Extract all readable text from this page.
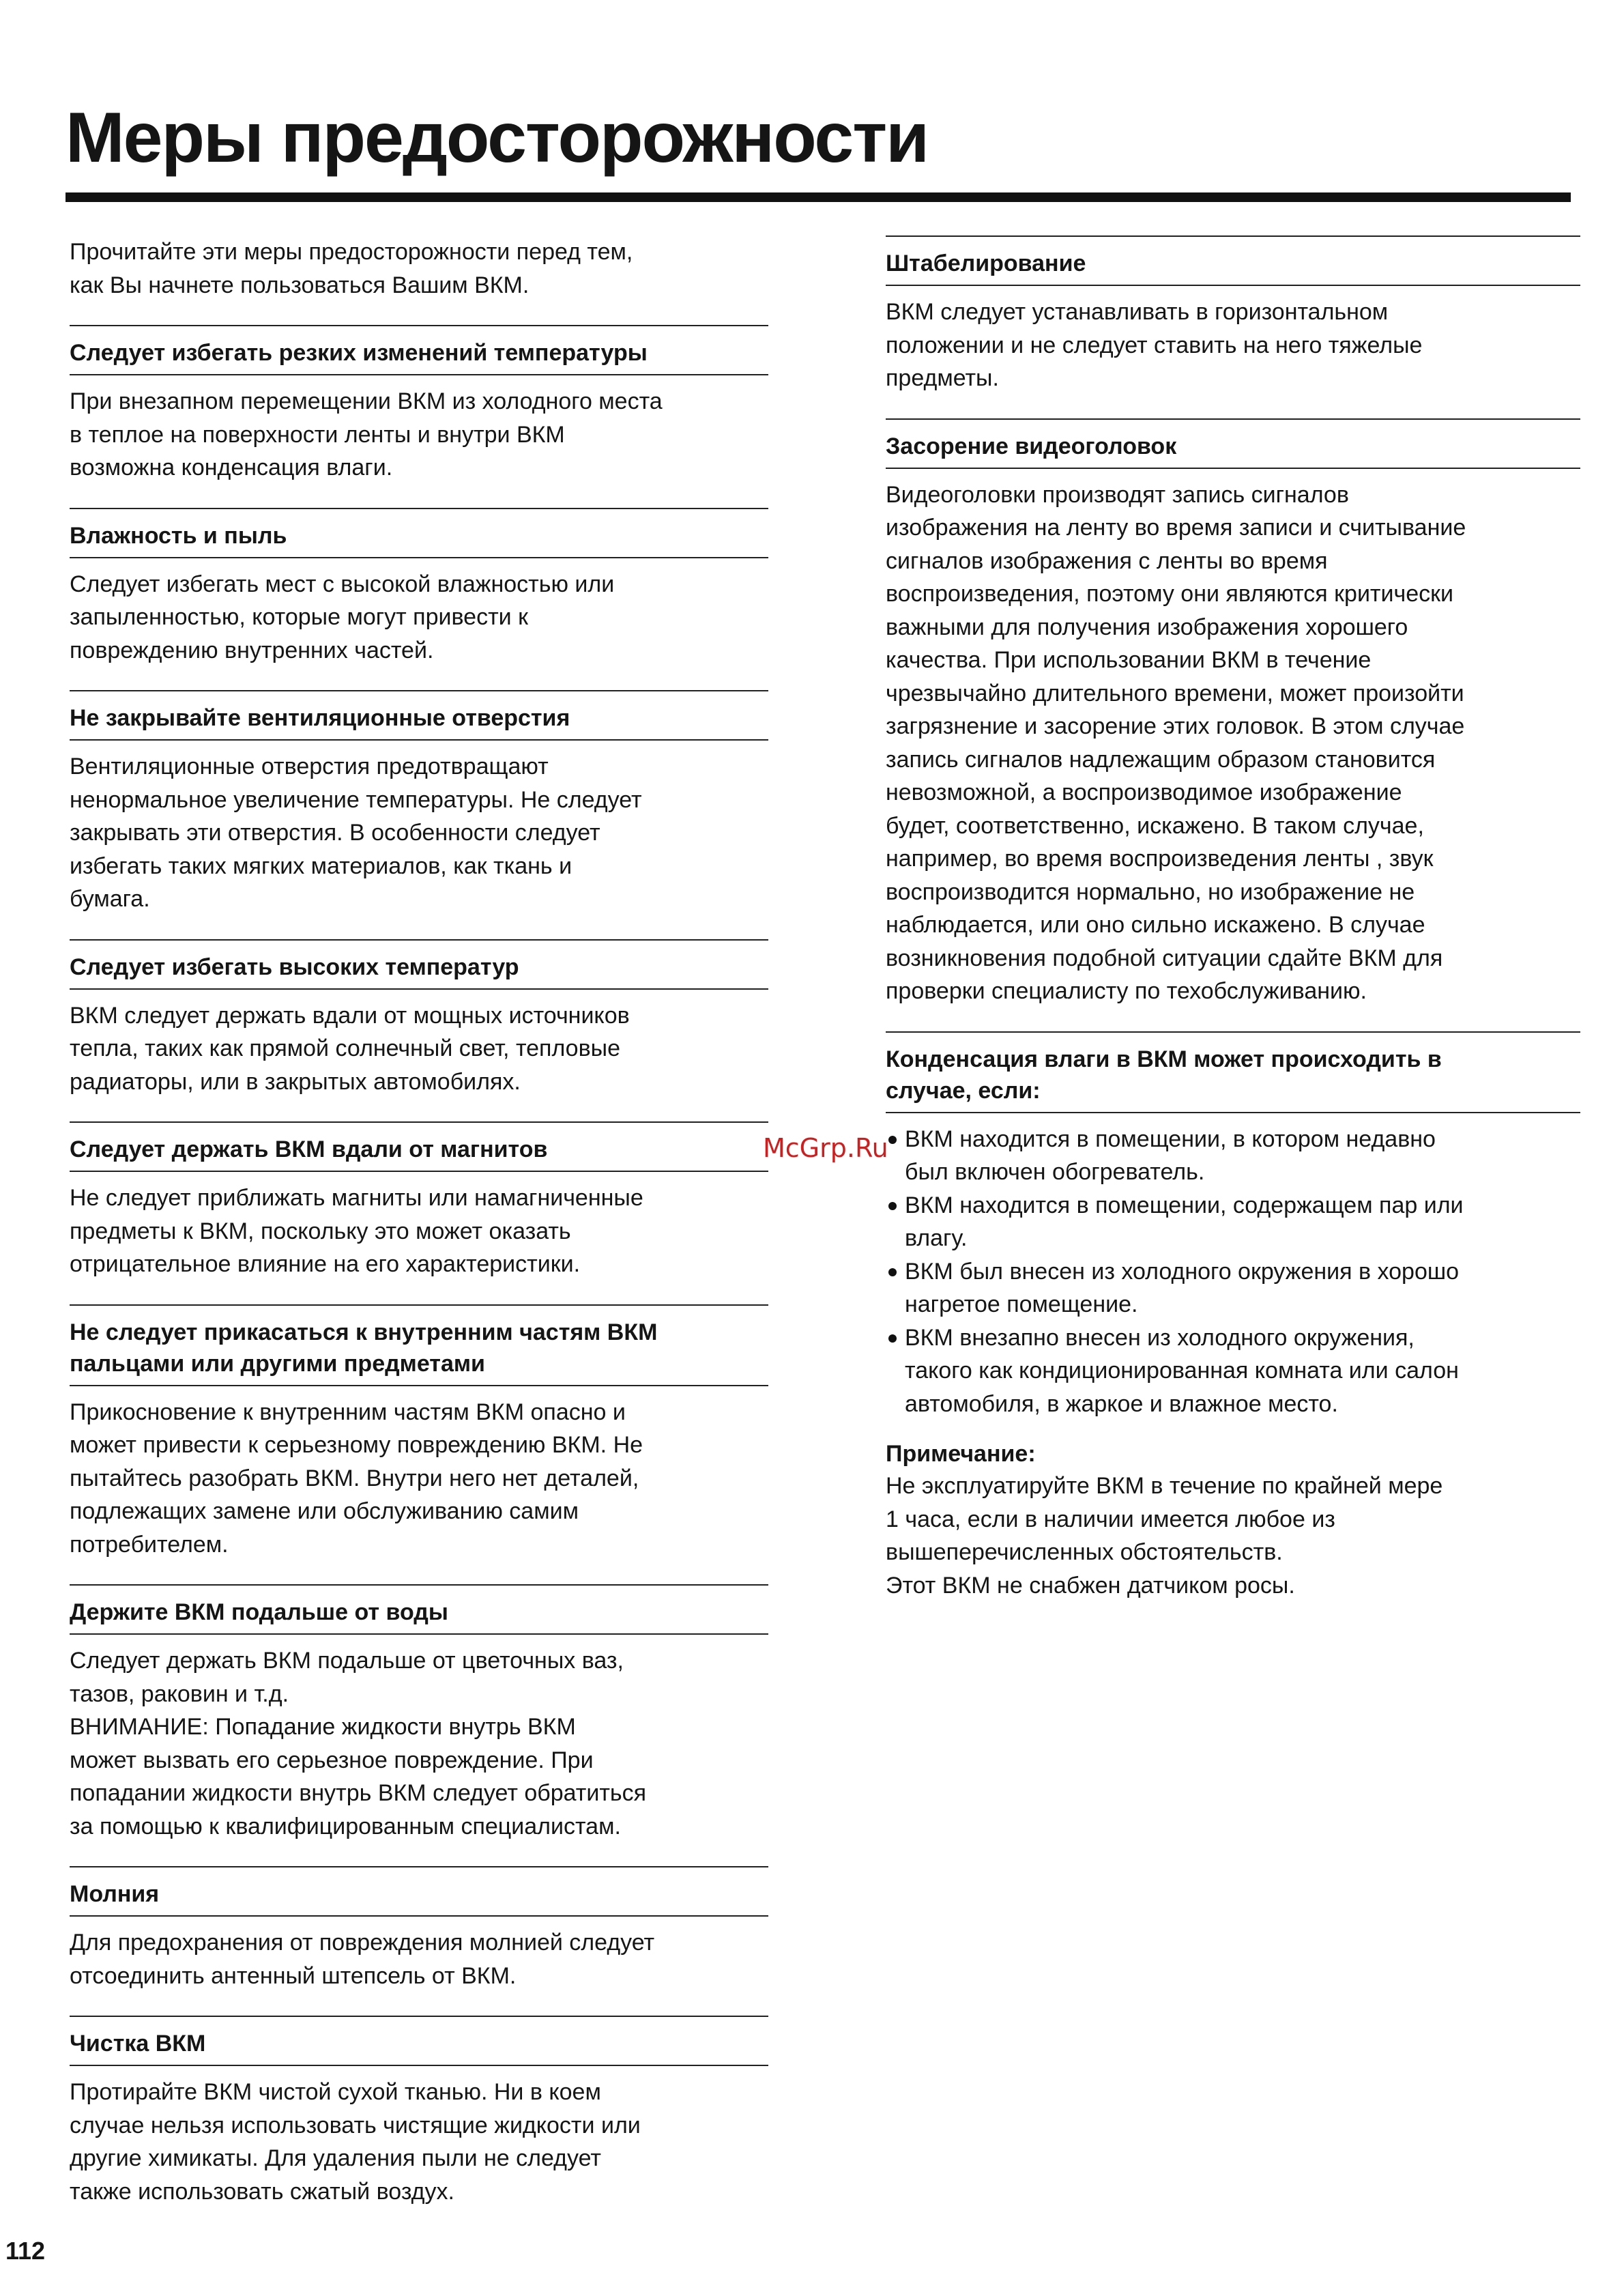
Меры предосторожности

Прочитайте эти меры предосторожности перед тем,
как Вы начнете пользоваться Вашим ВКМ.

Следует избегать резких изменений температуры

При внезапном перемещении ВКМ из холодного места
в теплое на поверхности ленты и внутри ВКМ
возможна конденсация влаги.

Влажность и пыль

Следует избегать мест с высокой влажностью или
запыленностью, которые могут привести к
повреждению внутренних частей.

Не закрывайте вентиляционные отверстия

Вентиляционные отверстия предотвращают
ненормальное увеличение температуры. Не следует
закрывать эти отверстия. В особенности следует
избегать таких мягких материалов, как ткань и
бумага.

Следует избегать высоких температур

ВКМ следует держать вдали от мощных источников
тепла, таких как прямой солнечный свет, тепловые
радиаторы, или в закрытых автомобилях.

Следует держать ВКМ вдали от магнитов

Не следует приближать магниты или намагниченные
предметы к ВКМ, поскольку это может оказать
отрицательное влияние на его характеристики.

Не следует прикасаться к внутренним частям ВКМ
пальцами или другими предметами

Прикосновение к внутренним частям ВКМ опасно и
может привести к серьезному повреждению ВКМ. Не
пытайтесь разобрать ВКМ. Внутри него нет деталей,
подлежащих замене или обслуживанию самим
потребителем.

Держите ВКМ подальше от воды

Следует держать ВКМ подальше от цветочных ваз,
тазов, раковин и т.д.
ВНИМАНИЕ: Попадание жидкости внутрь ВКМ
может вызвать его серьезное повреждение. При
попадании жидкости внутрь ВКМ следует обратиться
за помощью к квалифицированным специалистам.

Молния

Для предохранения от повреждения молнией следует
отсоединить антенный штепсель от ВКМ.

Чистка ВКМ

Протирайте ВКМ чистой сухой тканью. Ни в коем
случае нельзя использовать чистящие жидкости или
другие химикаты. Для удаления пыли не следует
также использовать сжатый воздух.

Штабелирование

ВКМ следует устанавливать в горизонтальном
положении и не следует ставить на него тяжелые
предметы.

Засорение видеоголовок

Видеоголовки производят запись сигналов
изображения на ленту во время записи и считывание
сигналов изображения с ленты во время
воспроизведения, поэтому они являются критически
важными для получения изображения хорошего
качества. При использовании ВКМ в течение
чрезвычайно длительного времени, может произойти
загрязнение и засорение этих головок. В этом случае
запись сигналов надлежащим образом становится
невозможной, а воспроизводимое изображение
будет, соответственно, искажено. В таком случае,
например, во время воспроизведения ленты , звук
воспроизводится нормально, но изображение не
наблюдается, или оно сильно искажено. В случае
возникновения подобной ситуации сдайте ВКМ для
проверки специалисту по техобслуживанию.

Конденсация влаги в ВКМ может происходить в
случае, если:
ВКМ находится в помещении, в котором недавно
был включен обогреватель.
ВКМ находится в помещении, содержащем пар или
влагу.
ВКМ был внесен из холодного окружения в хорошо
нагретое помещение.
ВКМ внезапно внесен из холодного окружения,
такого как кондиционированная комната или салон
автомобиля, в жаркое и влажное место.
Примечание:

Не эксплуатируйте ВКМ в течение по крайней мере
1 часа, если в наличии имеется любое из
вышеперечисленных обстоятельств.
Этот ВКМ не снабжен датчиком росы.

McGrp.Ru

112
